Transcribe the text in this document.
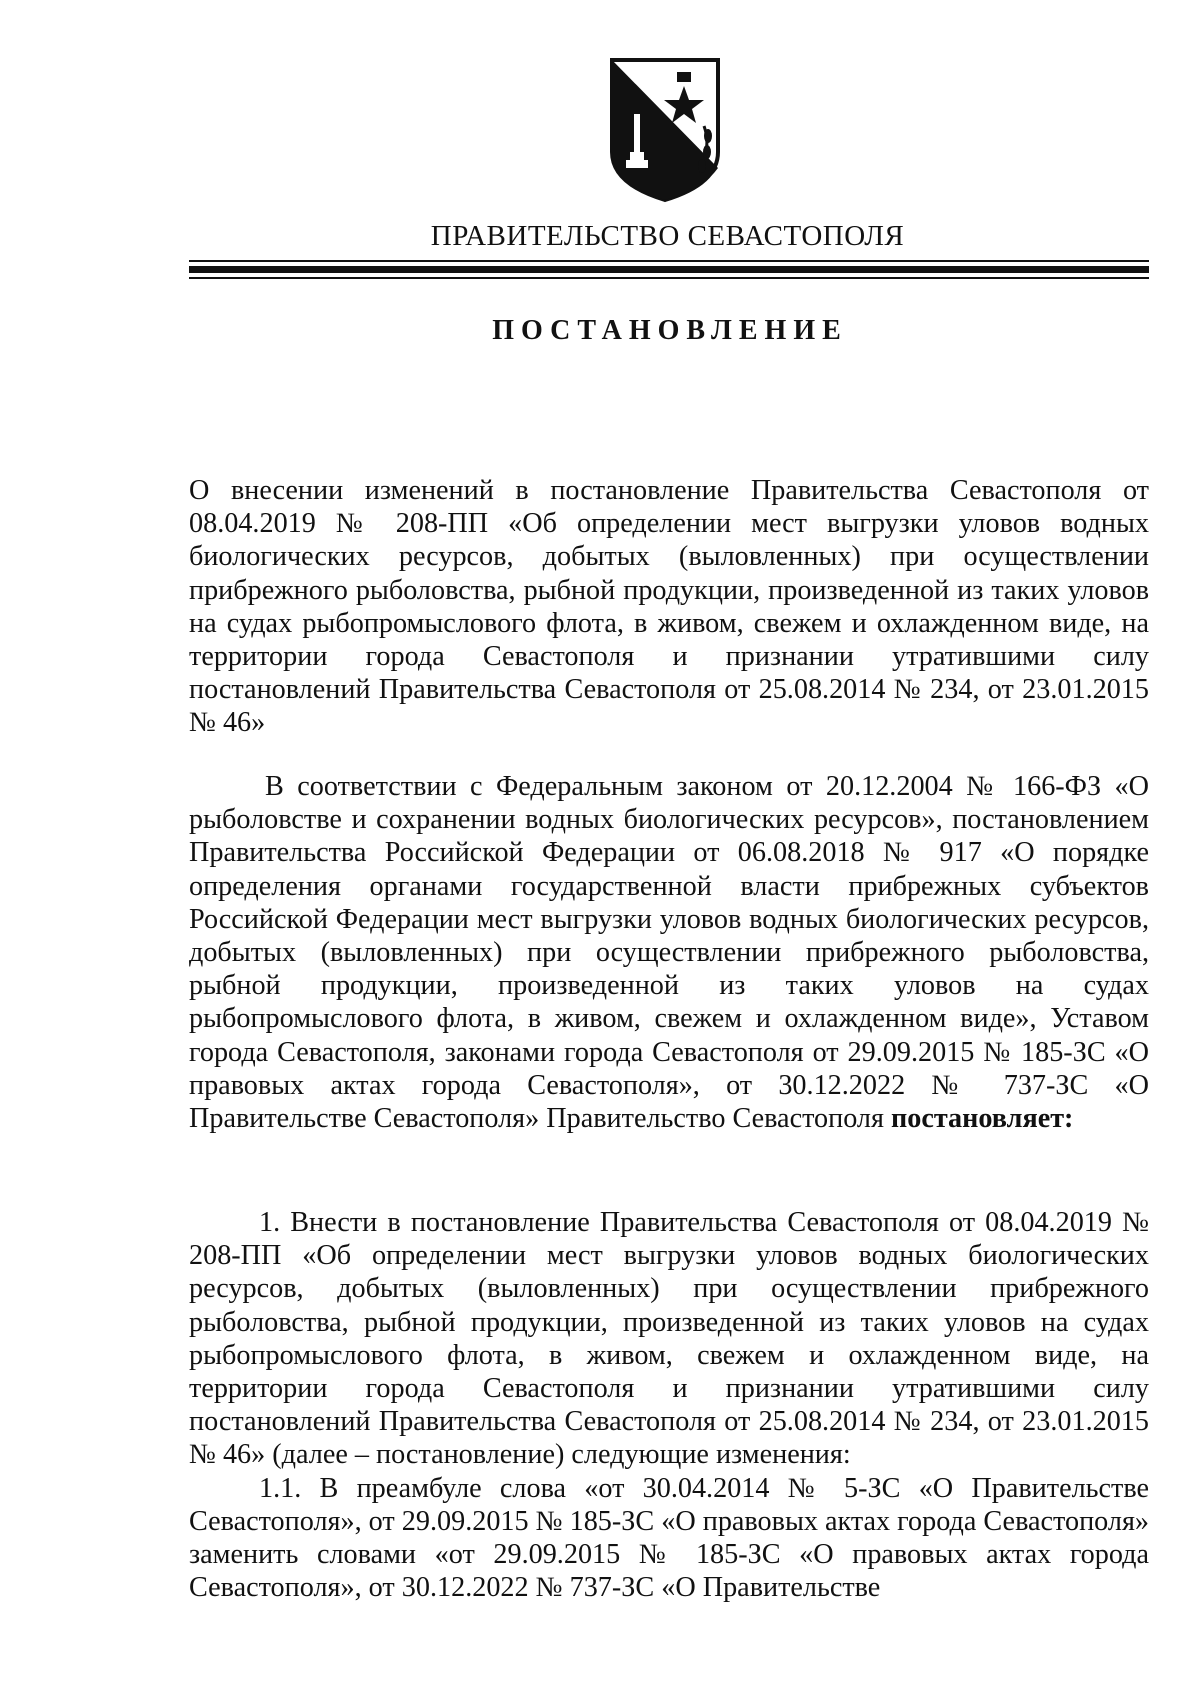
ПРАВИТЕЛЬСТВО СЕВАСТОПОЛЯ
ПОСТАНОВЛЕНИЕ

О внесении изменений в постановление Правительства Севастополя от 08.04.2019 № 208-ПП «Об определении мест выгрузки уловов водных биологических ресурсов, добытых (выловленных) при осуществлении прибрежного рыболовства, рыбной продукции, произведенной из таких уловов на судах рыбопромыслового флота, в живом, свежем и охлажденном виде, на территории города Севастополя и признании утратившими силу постановлений Правительства Севастополя от 25.08.2014 № 234, от 23.01.2015 № 46»

В соответствии с Федеральным законом от 20.12.2004 № 166-ФЗ «О рыболовстве и сохранении водных биологических ресурсов», постановлением Правительства Российской Федерации от 06.08.2018 № 917 «О порядке определения органами государственной власти прибрежных субъектов Российской Федерации мест выгрузки уловов водных биологических ресурсов, добытых (выловленных) при осуществлении прибрежного рыболовства, рыбной продукции, произведенной из таких уловов на судах рыбопромыслового флота, в живом, свежем и охлажденном виде», Уставом города Севастополя, законами города Севастополя от 29.09.2015 № 185-ЗС «О правовых актах города Севастополя», от 30.12.2022 № 737-ЗС «О Правительстве Севастополя» Правительство Севастополя постановляет:

1. Внести в постановление Правительства Севастополя от 08.04.2019 № 208-ПП «Об определении мест выгрузки уловов водных биологических ресурсов, добытых (выловленных) при осуществлении прибрежного рыболовства, рыбной продукции, произведенной из таких уловов на судах рыбопромыслового флота, в живом, свежем и охлажденном виде, на территории города Севастополя и признании утратившими силу постановлений Правительства Севастополя от 25.08.2014 № 234, от 23.01.2015 № 46» (далее – постановление) следующие изменения:

1.1. В преамбуле слова «от 30.04.2014 № 5-ЗС «О Правительстве Севастополя», от 29.09.2015 № 185-ЗС «О правовых актах города Севастополя» заменить словами «от 29.09.2015 № 185-ЗС «О правовых актах города Севастополя», от 30.12.2022 № 737-ЗС «О Правительстве
